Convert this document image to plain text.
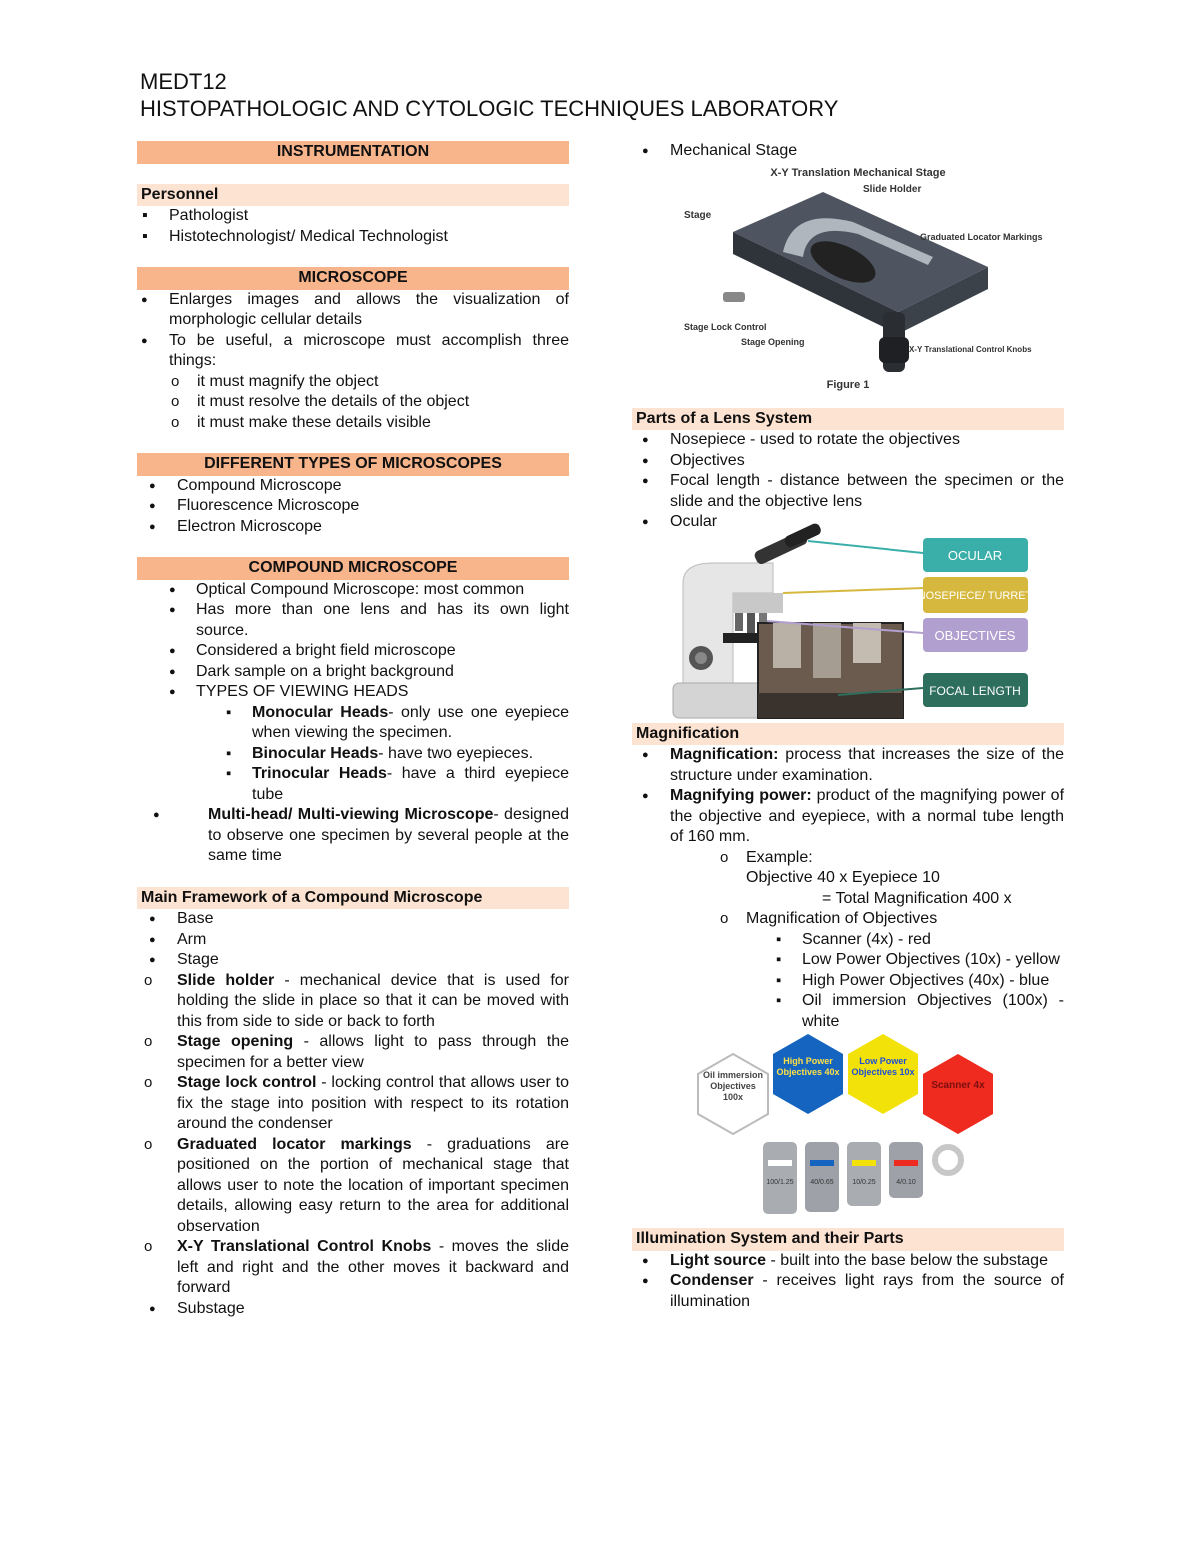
MEDT12
HISTOPATHOLOGIC AND CYTOLOGIC TECHNIQUES LABORATORY
INSTRUMENTATION
Personnel
▪ Pathologist
▪ Histotechnologist/ Medical Technologist
MICROSCOPE
● Enlarges images and allows the visualization of morphologic cellular details
● To be useful, a microscope must accomplish three things:
o it must magnify the object
o it must resolve the details of the object
o it must make these details visible
DIFFERENT TYPES OF MICROSCOPES
● Compound Microscope
● Fluorescence Microscope
● Electron Microscope
COMPOUND MICROSCOPE
● Optical Compound Microscope: most common
● Has more than one lens and has its own light source.
● Considered a bright field microscope
● Dark sample on a bright background
● TYPES OF VIEWING HEADS
▪ Monocular Heads- only use one eyepiece when viewing the specimen.
▪ Binocular Heads- have two eyepieces.
▪ Trinocular Heads- have a third eyepiece tube
● Multi-head/ Multi-viewing Microscope- designed to observe one specimen by several people at the same time
Main Framework of a Compound Microscope
● Base
● Arm
● Stage
o Slide holder - mechanical device that is used for holding the slide in place so that it can be moved with this from side to side or back to forth
o Stage opening - allows light to pass through the specimen for a better view
o Stage lock control - locking control that allows user to fix the stage into position with respect to its rotation around the condenser
o Graduated locator markings - graduations are positioned on the portion of mechanical stage that allows user to note the location of important specimen details, allowing easy return to the area for additional observation
o X-Y Translational Control Knobs - moves the slide left and right and the other moves it backward and forward
● Substage
● Mechanical Stage
X-Y Translation Mechanical Stage
Stage
Slide Holder
Graduated Locator Markings
Stage Lock Control
Stage Opening
X-Y Translational Control Knobs
Figure 1
Parts of a Lens System
● Nosepiece - used to rotate the objectives
● Objectives
● Focal length - distance between the specimen or the slide and the objective lens
● Ocular
OCULAR
NOSEPIECE/ TURRET
OBJECTIVES
FOCAL LENGTH
Magnification
● Magnification: process that increases the size of the structure under examination.
● Magnifying power: product of the magnifying power of the objective and eyepiece, with a normal tube length of 160 mm.
o Example:
Objective 40 x Eyepiece 10
= Total Magnification 400 x
o Magnification of Objectives
▪ Scanner (4x) - red
▪ Low Power Objectives (10x) - yellow
▪ High Power Objectives (40x) - blue
▪ Oil immersion Objectives (100x) - white
Oil immersion Objectives 100x
High Power Objectives 40x
Low Power Objectives 10x
Scanner 4x
100/1.25 40/0.65	10/0.25	4/0.10
Illumination System and their Parts
● Light source - built into the base below the substage
● Condenser - receives light rays from the source of illumination
